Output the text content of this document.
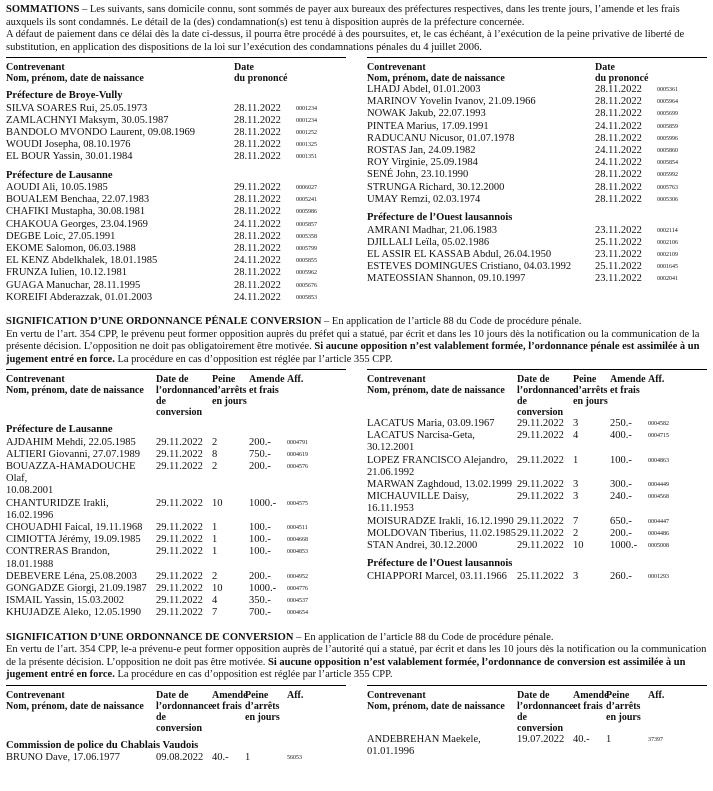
SOMMATIONS – Les suivants, sans domicile connu, sont sommés de payer aux bureaux des préfectures respectives, dans les trente jours, l’amende et les frais auxquels ils sont condamnés. Le détail de la (des) condamnation(s) est tenu à disposition auprès de la préfecture concernée.

A défaut de paiement dans ce délai dès la date ci-dessus, il pourra être procédé à des poursuites, et, le cas échéant, à l’exécution de la peine privative de liberté de substitution, en application des dispositions de la loi sur l’exécution des condamnations pénales du 4 juillet 2006.

Contrevenant
Nom, prénom, date de naissance
Date
du prononcé
Préfecture de Broye-Vully
SILVA SOARES Rui, 25.05.1973	28.11.2022	0001234
ZAMLACHNYI Maksym, 30.05.1987	28.11.2022	0001234
BANDOLO MVONDO Laurent, 09.08.1969	28.11.2022	0001252
WOUDI Josepha, 08.10.1976	28.11.2022	0001325
EL BOUR Yassin, 30.01.1984	28.11.2022	0001351
Préfecture de Lausanne
AOUDI Ali, 10.05.1985	29.11.2022	0006027
BOUALEM Benchaa, 22.07.1983	28.11.2022	0005241
CHAFIKI Mustapha, 30.08.1981	28.11.2022	0005986
CHAKOUA Georges, 23.04.1969	24.11.2022	0005857
DEGBE Loic, 27.05.1991	28.11.2022	0005358
EKOME Salomon, 06.03.1988	28.11.2022	0005799
EL KENZ Abdelkhalek, 18.01.1985	24.11.2022	0005855
FRUNZA Iulien, 10.12.1981	28.11.2022	0005962
GUAGA Manuchar, 28.11.1995	28.11.2022	0005676
KOREIFI Abderazzak, 01.01.2003	24.11.2022	0005853
Contrevenant
Nom, prénom, date de naissance
Date
du prononcé
LHADJ Abdel, 01.01.2003	28.11.2022	0005361
MARINOV Yovelin Ivanov, 21.09.1966	28.11.2022	0005964
NOWAK Jakub, 22.07.1993	28.11.2022	0005699
PINTEA Marius, 17.09.1991	24.11.2022	0005859
RADUCANU Nicusor, 01.07.1978	28.11.2022	0005996
ROSTAS Jan, 24.09.1982	24.11.2022	0005860
ROY Virginie, 25.09.1984	24.11.2022	0005854
SENÉ John, 23.10.1990	28.11.2022	0005992
STRUNGA Richard, 30.12.2000	28.11.2022	0005763
UMAY Remzi, 02.03.1974	28.11.2022	0005306
Préfecture de l’Ouest lausannois
AMRANI Madhar, 21.06.1983	23.11.2022	0002114
DJILLALI Leïla, 05.02.1986	25.11.2022	0002106
EL ASSIR EL KASSAB Abdul, 26.04.1950	23.11.2022	0002109
ESTEVES DOMINGUES Cristiano, 04.03.1992	25.11.2022	0001645
MATEOSSIAN Shannon, 09.10.1997	23.11.2022	0002041

SIGNIFICATION D’UNE ORDONNANCE PÉNALE CONVERSION – En application de l’article 88 du Code de procédure pénale.

En vertu de l’art. 354 CPP, le prévenu peut former opposition auprès du préfet qui a statué, par écrit et dans les 10 jours dès la notification ou la communication de la présente décision. L’opposition ne doit pas obligatoirement être motivée. Si aucune opposition n’est valablement formée, l’ordonnance pénale est assimilée à un jugement entré en force. La procédure en cas d’opposition est réglée par l’article 355 CPP.

Contrevenant
Nom, prénom, date de naissance
Date de
l’ordonnance
de conversion
Peine
d’arrêts
en jours
Amende
et frais
Aff.
Préfecture de Lausanne
AJDAHIM Mehdi, 22.05.1985	29.11.2022 2	200.-	0004791
ALTIERI Giovanni, 27.07.1989	29.11.2022 8	750.-	0004619
BOUAZZA-HAMADOUCHE Olaf,
10.08.2001
29.11.2022 2	200.-	0004576
CHANTURIDZE Irakli, 16.02.1996
29.11.2022 10	1000.-	0004575
CHOUADHI Faical, 19.11.1968	29.11.2022 1	100.-	0004511
CIMIOTTA Jérémy, 19.09.1985	29.11.2022 1	100.-	0004668
CONTRERAS Brandon, 18.01.1988
29.11.2022 1	100.-	0004853
DEBEVERE Léna, 25.08.2003	29.11.2022 2	200.-	0004952
GONGADZE Giorgi, 21.09.1987 29.11.2022 10	1000.-	0004776
ISMAIL Yassin, 15.03.2002	29.11.2022 4	350.-	0004537
KHUJADZE Aleko, 12.05.1990	29.11.2022 7	700.-	0004654
Contrevenant
Nom, prénom, date de naissance
Date de
l’ordonnance
de conversion
Peine
d’arrêts
en jours
Amende
et frais
Aff.
LACATUS Maria, 03.09.1967	29.11.2022 3	250.-	0004582
LACATUS Narcisa-Geta, 30.12.2001
29.11.2022 4	400.-	0004715
LOPEZ FRANCISCO Alejandro,
21.06.1992
29.11.2022 1	100.-	0004863
MARWAN Zaghdoud, 13.02.1999 29.11.2022 3	300.-	0004449
MICHAUVILLE Daisy, 16.11.1953
29.11.2022 3	240.-	0004568
MOISURADZE Irakli, 16.12.1990 29.11.2022 7	650.-	0004447
MOLDOVAN Tiberius, 11.02.1985 29.11.2022 2	200.-	0004486
STAN Andrei, 30.12.2000	29.11.2022 10	1000.-	0005008
Préfecture de l’Ouest lausannois
CHIAPPORI Marcel, 03.11.1966 25.11.2022 3	260.-	0001293

SIGNIFICATION D’UNE ORDONNANCE DE CONVERSION – En application de l’article 88 du Code de procédure pénale.

En vertu de l’art. 354 CPP, le-a prévenu-e peut former opposition auprès de l’autorité qui a statué, par écrit et dans les 10 jours dès la notification ou la communication de la présente décision. L’opposition ne doit pas être motivée. Si aucune opposition n’est valablement formée, l’ordonnance de conversion est assimilée à un jugement entré en force. La procédure en cas d’opposition est réglée par l’article 355 CPP.

Contrevenant
Nom, prénom, date de naissance
Date de
l’ordonnance
de conversion
Amende
et frais
Peine
d’arrêts
en jours
Aff.
Commission de police du Chablais Vaudois
BRUNO Dave, 17.06.1977	09.08.2022 40.-	1	56053
Contrevenant
Nom, prénom, date de naissance
Date de
l’ordonnance
de conversion
Amende
et frais
Peine
d’arrêts
en jours
Aff.
ANDEBREHAN Maekele,
01.01.1996
19.07.2022 40.-	1	37397
